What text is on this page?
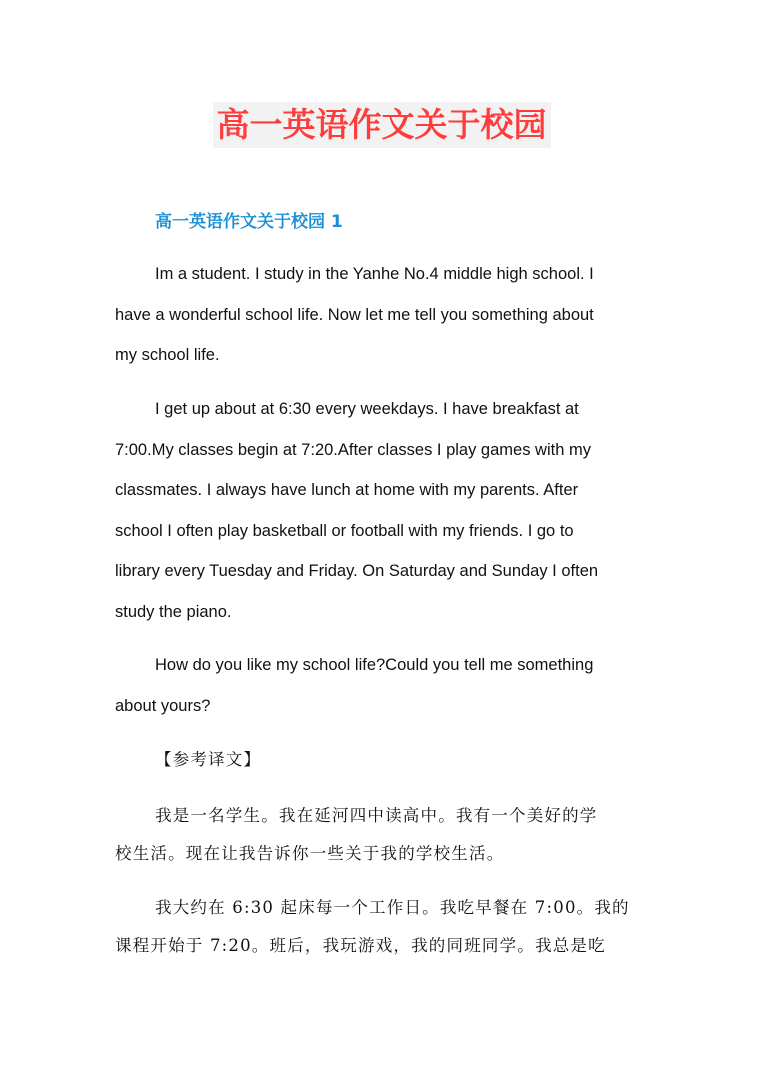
高一英语作文关于校园
高一英语作文关于校园 1

Im a student. I study in the Yanhe No.4 middle high school. I
have a wonderful school life. Now let me tell you something about
my school life.

I get up about at 6:30 every weekdays. I have breakfast at
7:00.My classes begin at 7:20.After classes I play games with my
classmates. I always have lunch at home with my parents. After
school I often play basketball or football with my friends. I go to
library every Tuesday and Friday. On Saturday and Sunday I often
study the piano.

How do you like my school life?Could you tell me something
about yours?

【参考译文】

我是一名学生。我在延河四中读高中。我有一个美好的学
校生活。现在让我告诉你一些关于我的学校生活。

我大约在 6:30 起床每一个工作日。我吃早餐在 7:00。我的
课程开始于 7:20。班后，我玩游戏，我的同班同学。我总是吃
